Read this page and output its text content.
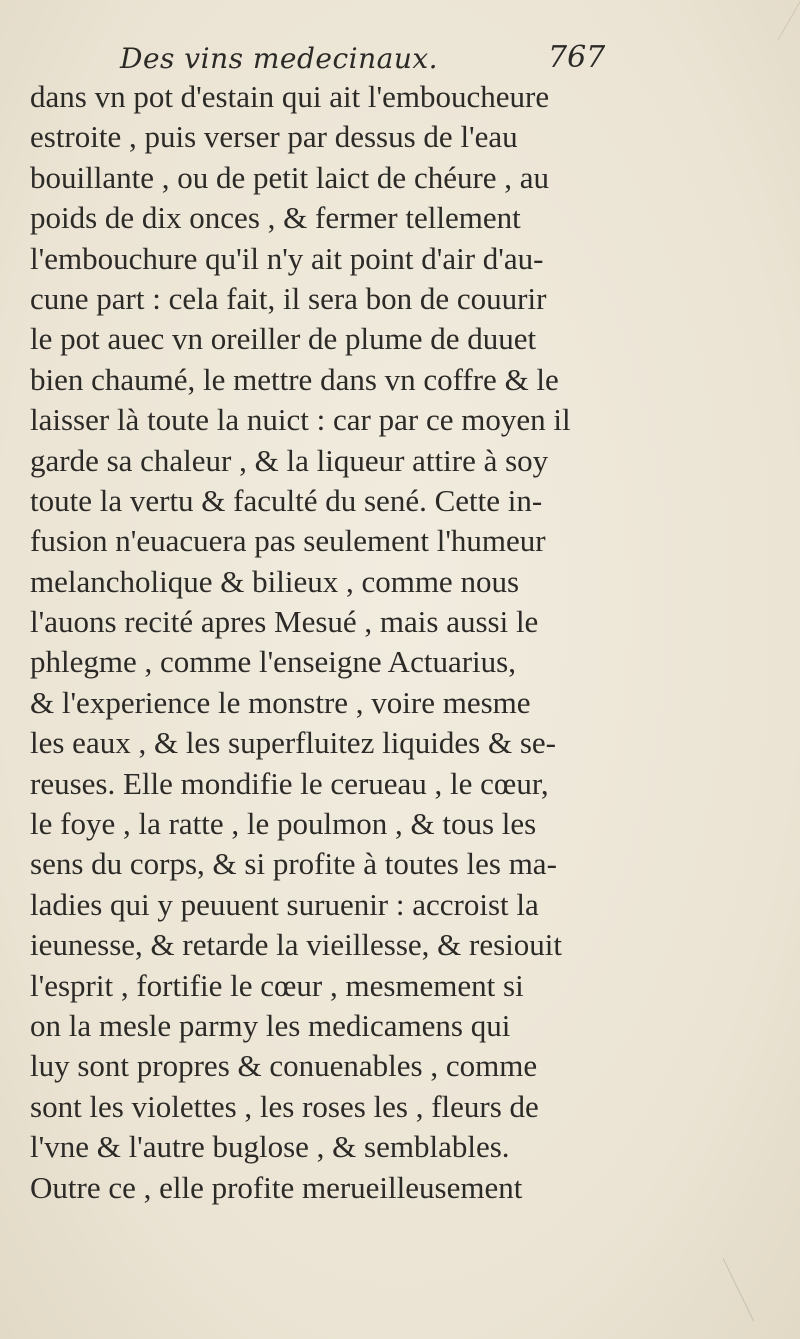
Des vins medecinaux.	767
dans vn pot d'estain qui ait l'emboucheure
estroite , puis verser par dessus de l'eau
bouillante , ou de petit laict de chéure , au
poids de dix onces , & fermer tellement
l'embouchure qu'il n'y ait point d'air d'au-
cune part : cela fait, il sera bon de couurir
le pot auec vn oreiller de plume de duuet
bien chaumé, le mettre dans vn coffre & le
laisser là toute la nuict : car par ce moyen il
garde sa chaleur , & la liqueur attire à soy
toute la vertu & faculté du sené. Cette in-
fusion n'euacuera pas seulement l'humeur
melancholique & bilieux , comme nous
l'auons recité apres Mesué , mais aussi le
phlegme , comme l'enseigne Actuarius,
& l'experience le monstre , voire mesme
les eaux , & les superfluitez liquides & se-
reuses. Elle mondifie le cerueau , le cœur,
le foye , la ratte , le poulmon , & tous les
sens du corps, & si profite à toutes les ma-
ladies qui y peuuent suruenir : accroist la
ieunesse, & retarde la vieillesse, & resiouit
l'esprit , fortifie le cœur , mesmement si
on la mesle parmy les medicamens qui
luy sont propres & conuenables , comme
sont les violettes , les roses les , fleurs de
l'vne & l'autre buglose , & semblables.
Outre ce , elle profite merueilleusement
